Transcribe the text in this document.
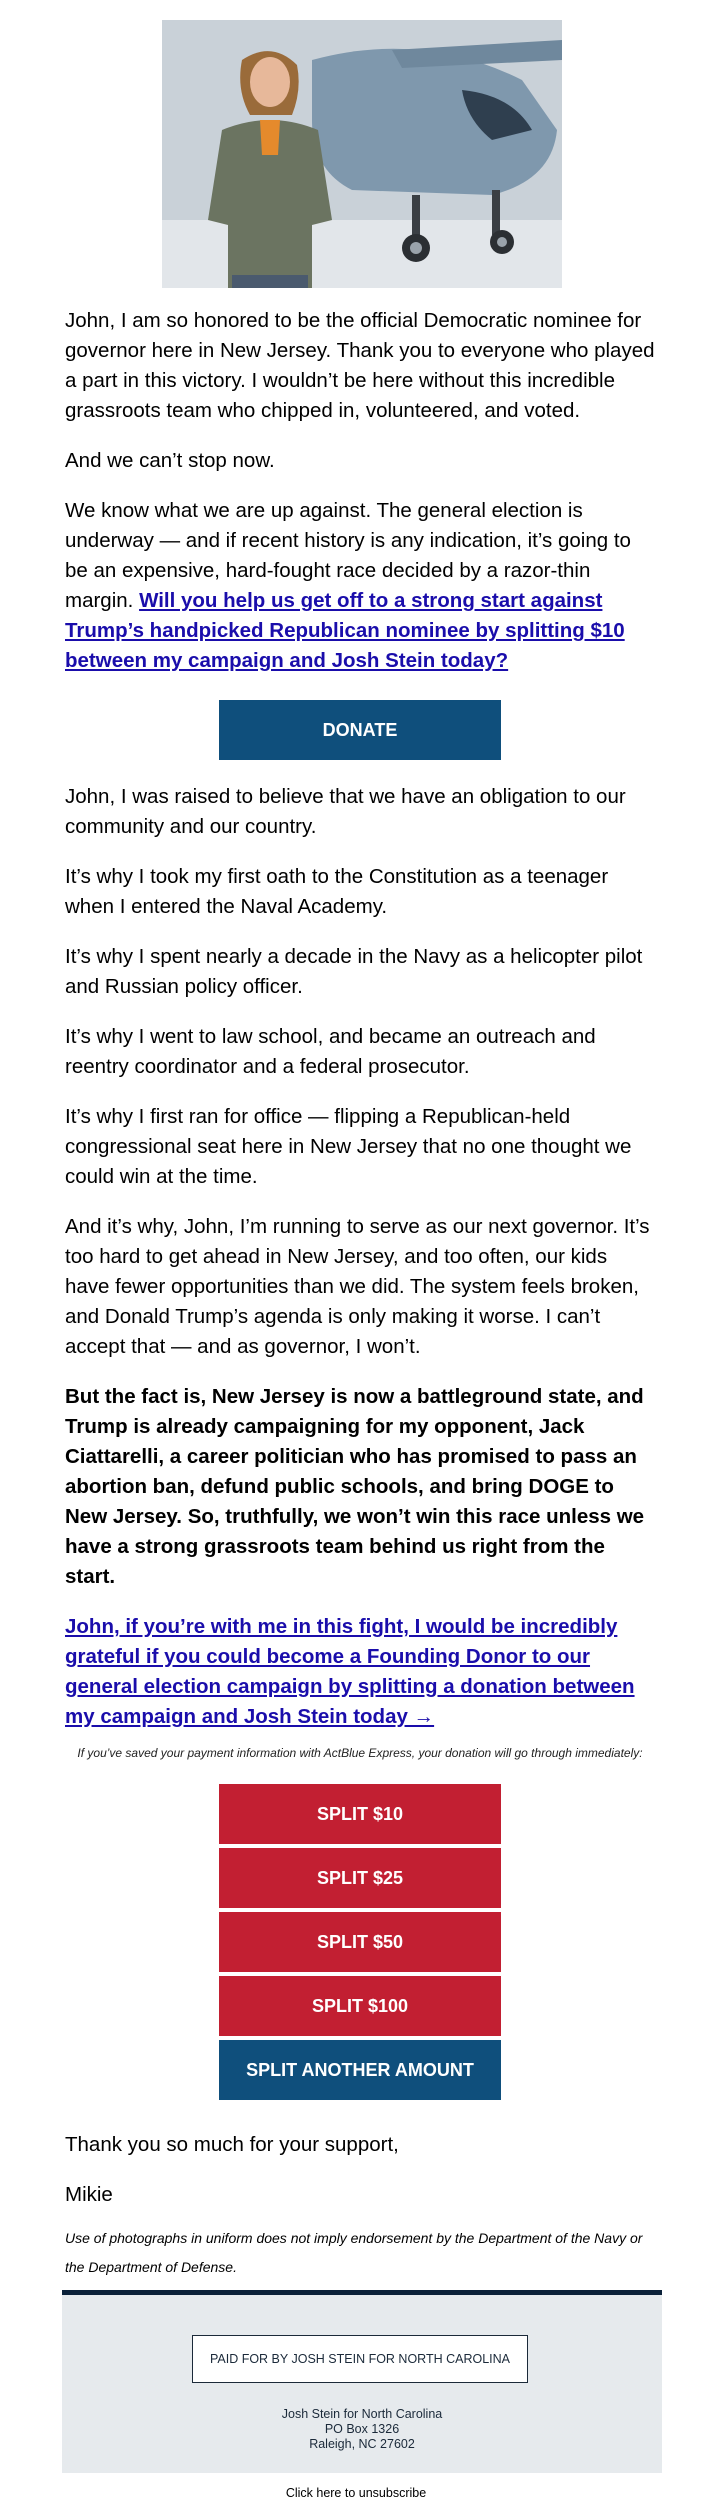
John, I am so honored to be the official Democratic nominee for governor here in New Jersey. Thank you to everyone who played a part in this victory. I wouldn’t be here without this incredible grassroots team who chipped in, volunteered, and voted.

And we can’t stop now.

We know what we are up against. The general election is underway — and if recent history is any indication, it’s going to be an expensive, hard-fought race decided by a razor-thin margin. Will you help us get off to a strong start against Trump’s handpicked Republican nominee by splitting $10 between my campaign and Josh Stein today?

DONATE

John, I was raised to believe that we have an obligation to our community and our country.

It’s why I took my first oath to the Constitution as a teenager when I entered the Naval Academy.

It’s why I spent nearly a decade in the Navy as a helicopter pilot and Russian policy officer.

It’s why I went to law school, and became an outreach and reentry coordinator and a federal prosecutor.

It’s why I first ran for office — flipping a Republican-held congressional seat here in New Jersey that no one thought we could win at the time.

And it’s why, John, I’m running to serve as our next governor. It’s too hard to get ahead in New Jersey, and too often, our kids have fewer opportunities than we did. The system feels broken, and Donald Trump’s agenda is only making it worse. I can’t accept that — and as governor, I won’t.

But the fact is, New Jersey is now a battleground state, and Trump is already campaigning for my opponent, Jack Ciattarelli, a career politician who has promised to pass an abortion ban, defund public schools, and bring DOGE to New Jersey. So, truthfully, we won’t win this race unless we have a strong grassroots team behind us right from the start.

John, if you’re with me in this fight, I would be incredibly grateful if you could become a Founding Donor to our general election campaign by splitting a donation between my campaign and Josh Stein today →

If you’ve saved your payment information with ActBlue Express, your donation will go through immediately:

SPLIT $10
SPLIT $25
SPLIT $50
SPLIT $100
SPLIT ANOTHER AMOUNT

Thank you so much for your support,

Mikie

Use of photographs in uniform does not imply endorsement by the Department of the Navy or the Department of Defense.

PAID FOR BY JOSH STEIN FOR NORTH CAROLINA
Josh Stein for North Carolina
PO Box 1326
Raleigh, NC 27602
Click here to unsubscribe
